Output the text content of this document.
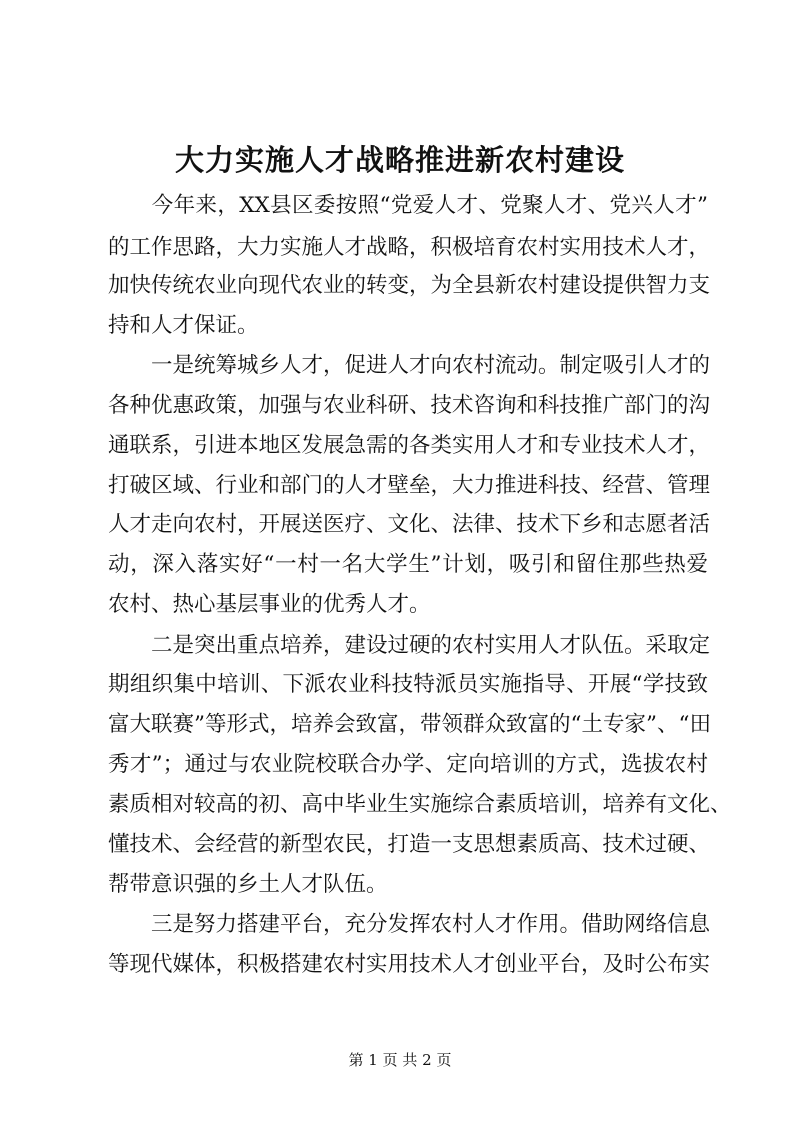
大力实施人才战略推进新农村建设
　　今年来，XX县区委按照“党爱人才、党聚人才、党兴人才”
的工作思路，大力实施人才战略，积极培育农村实用技术人才，
加快传统农业向现代农业的转变，为全县新农村建设提供智力支
持和人才保证。
　　一是统筹城乡人才，促进人才向农村流动。制定吸引人才的
各种优惠政策，加强与农业科研、技术咨询和科技推广部门的沟
通联系，引进本地区发展急需的各类实用人才和专业技术人才，
打破区域、行业和部门的人才壁垒，大力推进科技、经营、管理
人才走向农村，开展送医疗、文化、法律、技术下乡和志愿者活
动，深入落实好“一村一名大学生”计划，吸引和留住那些热爱
农村、热心基层事业的优秀人才。
　　二是突出重点培养，建设过硬的农村实用人才队伍。采取定
期组织集中培训、下派农业科技特派员实施指导、开展“学技致
富大联赛”等形式，培养会致富，带领群众致富的“土专家”、“田
秀才”；通过与农业院校联合办学、定向培训的方式，选拔农村
素质相对较高的初、高中毕业生实施综合素质培训，培养有文化、
懂技术、会经营的新型农民，打造一支思想素质高、技术过硬、
帮带意识强的乡土人才队伍。
　　三是努力搭建平台，充分发挥农村人才作用。借助网络信息
等现代媒体，积极搭建农村实用技术人才创业平台，及时公布实
第 1 页 共 2 页
